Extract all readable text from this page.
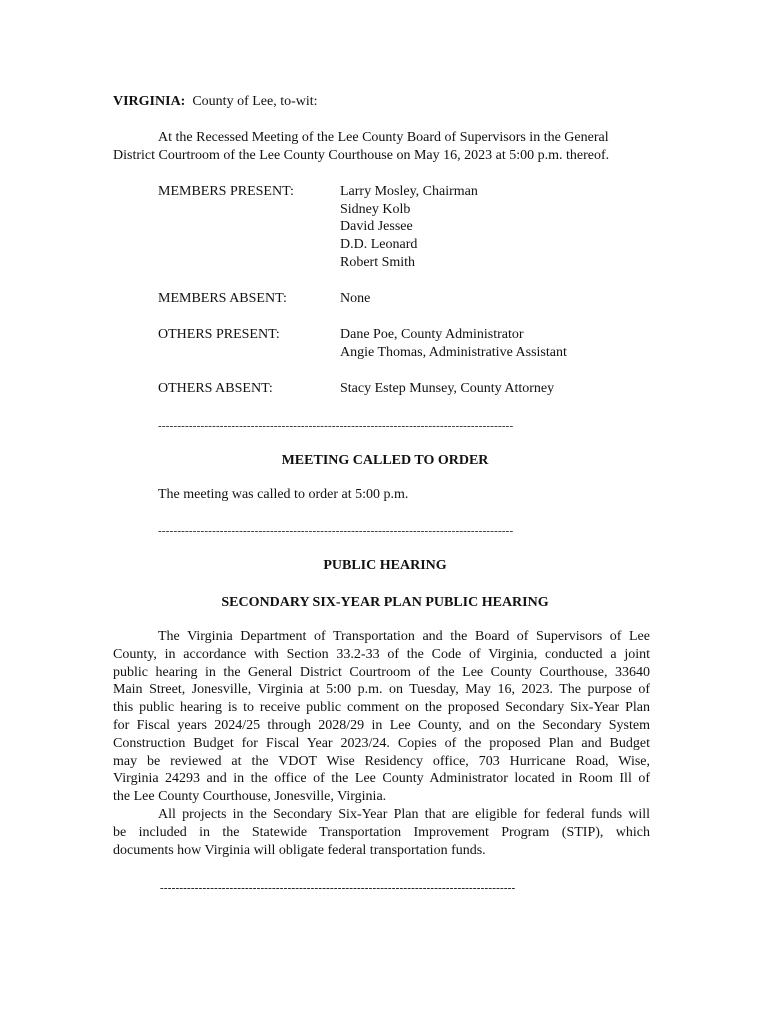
VIRGINIA: County of Lee, to-wit:
At the Recessed Meeting of the Lee County Board of Supervisors in the General
District Courtroom of the Lee County Courthouse on May 16, 2023 at 5:00 p.m. thereof.
MEMBERS PRESENT:	Larry Mosley, Chairman
Sidney Kolb
David Jessee
D.D. Leonard
Robert Smith
MEMBERS ABSENT:	None
OTHERS PRESENT:	Dane Poe, County Administrator
Angie Thomas, Administrative Assistant
OTHERS ABSENT:	Stacy Estep Munsey, County Attorney
--------------------------------------------------------------------------------------------
MEETING CALLED TO ORDER
The meeting was called to order at 5:00 p.m.
--------------------------------------------------------------------------------------------
PUBLIC HEARING
SECONDARY SIX-YEAR PLAN PUBLIC HEARING
The Virginia Department of Transportation and the Board of Supervisors of Lee
County, in accordance with Section 33.2-33 of the Code of Virginia, conducted a joint
public hearing in the General District Courtroom of the Lee County Courthouse, 33640
Main Street, Jonesville, Virginia at 5:00 p.m. on Tuesday, May 16, 2023. The purpose of
this public hearing is to receive public comment on the proposed Secondary Six-Year Plan
for Fiscal years 2024/25 through 2028/29 in Lee County, and on the Secondary System
Construction Budget for Fiscal Year 2023/24. Copies of the proposed Plan and Budget
may be reviewed at the VDOT Wise Residency office, 703 Hurricane Road, Wise,
Virginia 24293 and in the office of the Lee County Administrator located in Room Ill of
the Lee County Courthouse, Jonesville, Virginia.
All projects in the Secondary Six-Year Plan that are eligible for federal funds will
be included in the Statewide Transportation Improvement Program (STIP), which
documents how Virginia will obligate federal transportation funds.
--------------------------------------------------------------------------------------------
